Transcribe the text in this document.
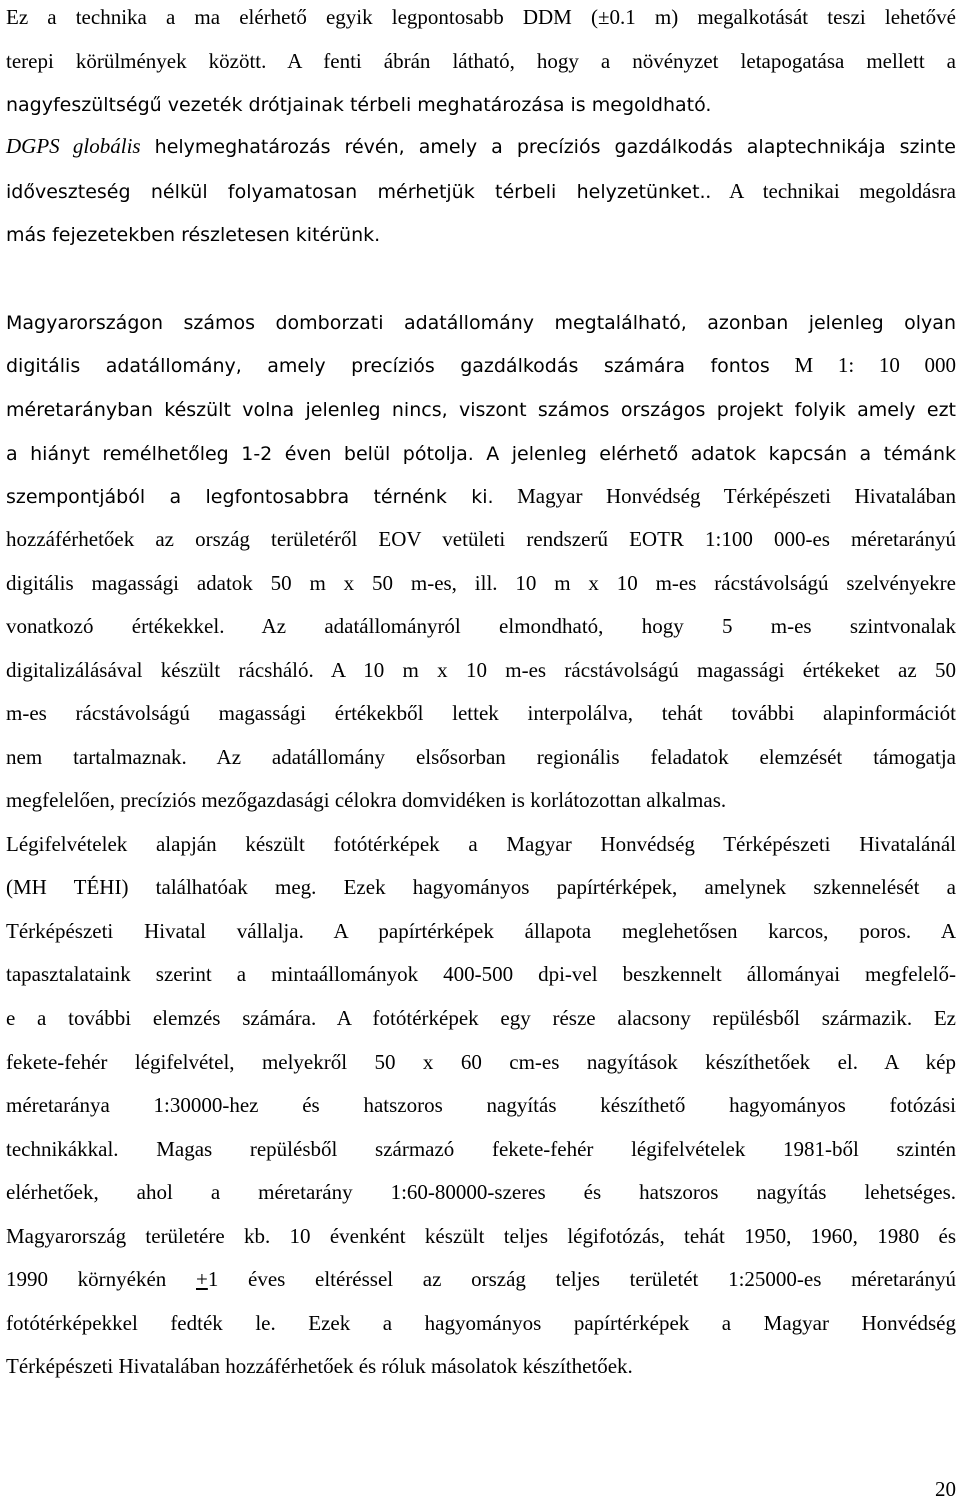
Ez a technika a ma elérhető egyik legpontosabb DDM (±0.1 m) megalkotását teszi lehetővé
terepi körülmények között. A fenti ábrán látható, hogy a növényzet letapogatása mellett a
nagyfeszültségű vezeték drótjainak térbeli meghatározása is megoldható.
DGPS globális helymeghatározás révén, amely a precíziós gazdálkodás alaptechnikája szinte
időveszteség nélkül folyamatosan mérhetjük térbeli helyzetünket.. A technikai megoldásra
más fejezetekben részletesen kitérünk.
Magyarországon számos domborzati adatállomány megtalálható, azonban jelenleg olyan
digitális adatállomány, amely precíziós gazdálkodás számára fontos M 1: 10 000
méretarányban készült volna jelenleg nincs, viszont számos országos projekt folyik amely ezt
a hiányt remélhetőleg 1-2 éven belül pótolja. A jelenleg elérhető adatok kapcsán a témánk
szempontjából a legfontosabbra térnénk ki. Magyar Honvédség Térképészeti Hivatalában
hozzáférhetőek az ország területéről EOV vetületi rendszerű EOTR 1:100 000-es méretarányú
digitális magassági adatok 50 m x 50 m-es, ill. 10 m x 10 m-es rácstávolságú szelvényekre
vonatkozó értékekkel. Az adatállományról elmondható, hogy 5 m-es szintvonalak
digitalizálásával készült rácsháló. A 10 m x 10 m-es rácstávolságú magassági értékeket az 50
m-es rácstávolságú magassági értékekből lettek interpolálva, tehát további alapinformációt
nem tartalmaznak. Az adatállomány elsősorban regionális feladatok elemzését támogatja
megfelelően, precíziós mezőgazdasági célokra domvidéken is korlátozottan alkalmas.
Légifelvételek alapján készült fotótérképek a Magyar Honvédség Térképészeti Hivatalánál
(MH TÉHI) találhatóak meg. Ezek hagyományos papírtérképek, amelynek szkennelését a
Térképészeti Hivatal vállalja. A papírtérképek állapota meglehetősen karcos, poros. A
tapasztalataink szerint a mintaállományok 400-500 dpi-vel beszkennelt állományai megfelelő-
e a további elemzés számára. A fotótérképek egy része alacsony repülésből származik. Ez
fekete-fehér légifelvétel, melyekről 50 x 60 cm-es nagyítások készíthetőek el. A kép
méretaránya 1:30000-hez és hatszoros nagyítás készíthető hagyományos fotózási
technikákkal. Magas repülésből származó fekete-fehér légifelvételek 1981-ből szintén
elérhetőek, ahol a méretarány 1:60-80000-szeres és hatszoros nagyítás lehetséges.
Magyarország területére kb. 10 évenként készült teljes légifotózás, tehát 1950, 1960, 1980 és
1990 környékén +1 éves eltéréssel az ország teljes területét 1:25000-es méretarányú
fotótérképekkel fedték le. Ezek a hagyományos papírtérképek a Magyar Honvédség
Térképészeti Hivatalában hozzáférhetőek és róluk másolatok készíthetőek.
20
